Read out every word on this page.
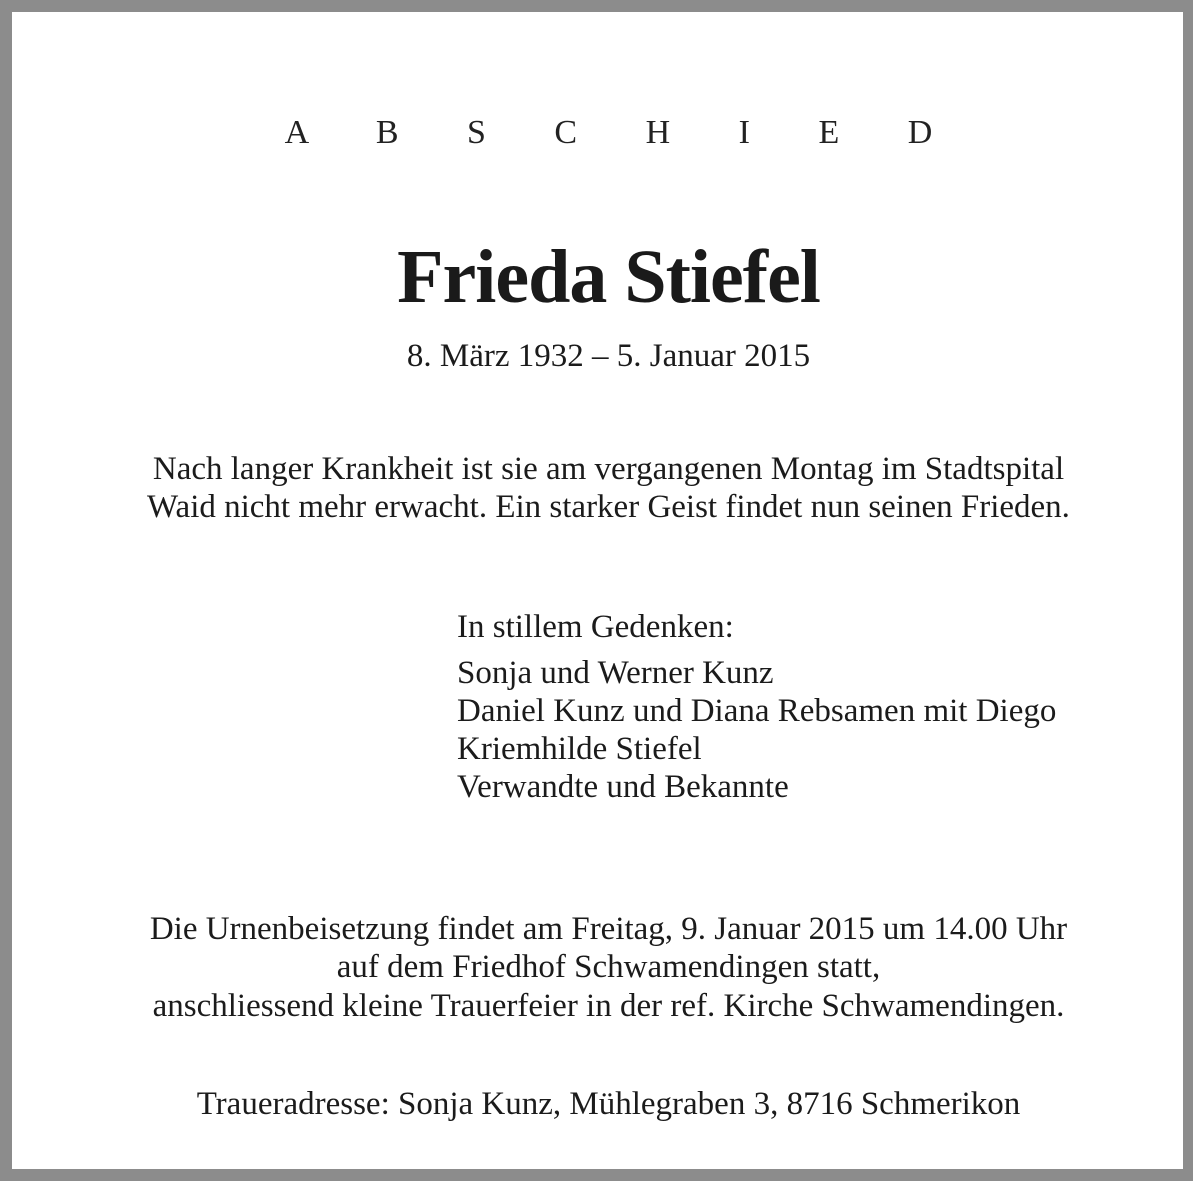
A B S C H I E D
Frieda Stiefel
8. März 1932 – 5. Januar 2015
Nach langer Krankheit ist sie am vergangenen Montag im Stadtspital
Waid nicht mehr erwacht. Ein starker Geist findet nun seinen Frieden.
In stillem Gedenken:
Sonja und Werner Kunz
Daniel Kunz und Diana Rebsamen mit Diego
Kriemhilde Stiefel
Verwandte und Bekannte
Die Urnenbeisetzung findet am Freitag, 9. Januar 2015 um 14.00 Uhr
auf dem Friedhof Schwamendingen statt,
anschliessend kleine Trauerfeier in der ref. Kirche Schwamendingen.
Traueradresse: Sonja Kunz, Mühlegraben 3, 8716 Schmerikon
